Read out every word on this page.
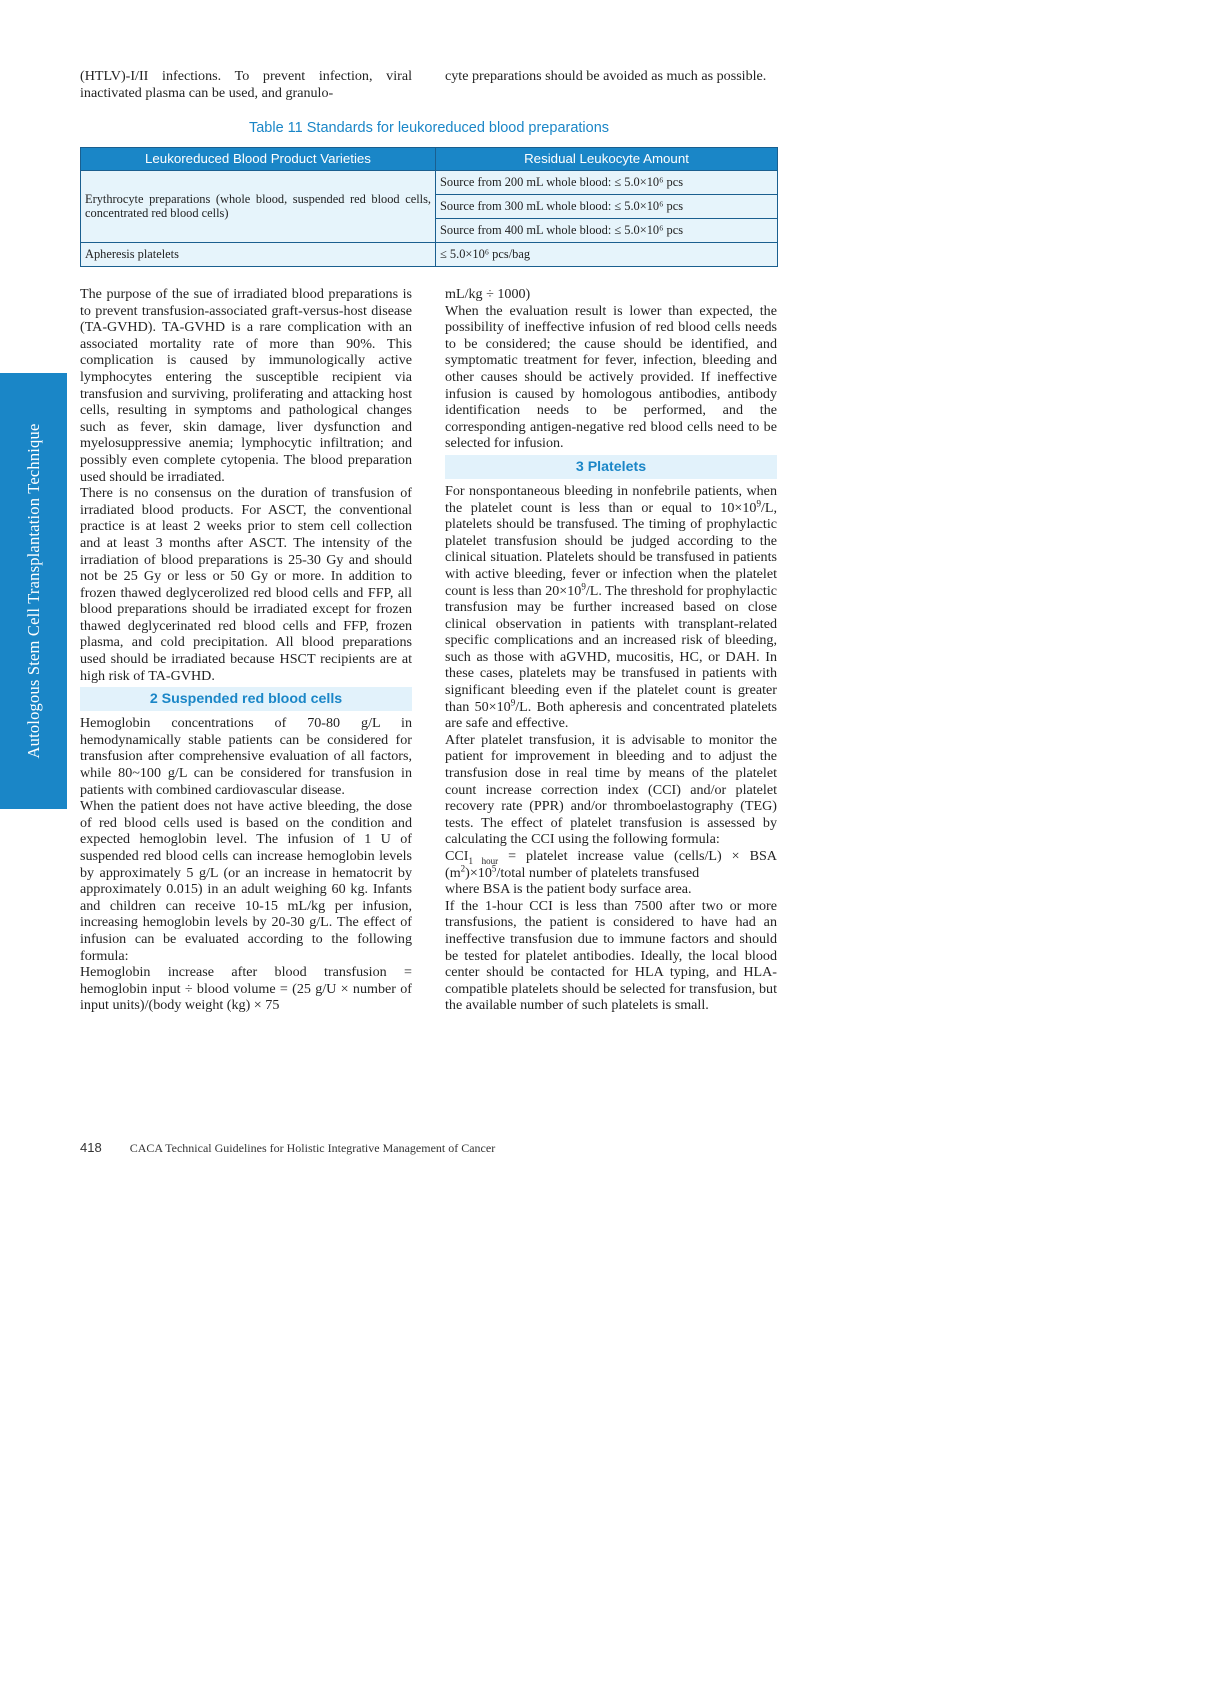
Autologous Stem Cell Transplantation Technique

(HTLV)-I/II infections. To prevent infection, viral inactivated plasma can be used, and granulo-

cyte preparations should be avoided as much as possible.

Table 11 Standards for leukoreduced blood preparations
Leukoreduced Blood Product Varieties	Residual Leukocyte Amount
Erythrocyte preparations (whole blood, suspended red blood cells, concentrated red blood cells)	Source from 200 mL whole blood: ≤ 5.0×10⁶ pcs
	Source from 300 mL whole blood: ≤ 5.0×10⁶ pcs
	Source from 400 mL whole blood: ≤ 5.0×10⁶ pcs
Apheresis platelets	≤ 5.0×10⁶ pcs/bag

The purpose of the sue of irradiated blood preparations is to prevent transfusion-associated graft-versus-host disease (TA-GVHD). TA-GVHD is a rare complication with an associated mortality rate of more than 90%. This complication is caused by immunologically active lymphocytes entering the susceptible recipient via transfusion and surviving, proliferating and attacking host cells, resulting in symptoms and pathological changes such as fever, skin damage, liver dysfunction and myelosuppressive anemia; lymphocytic infiltration; and possibly even complete cytopenia. The blood preparation used should be irradiated.

There is no consensus on the duration of transfusion of irradiated blood products. For ASCT, the conventional practice is at least 2 weeks prior to stem cell collection and at least 3 months after ASCT. The intensity of the irradiation of blood preparations is 25-30 Gy and should not be 25 Gy or less or 50 Gy or more. In addition to frozen thawed deglycerolized red blood cells and FFP, all blood preparations should be irradiated except for frozen thawed deglycerinated red blood cells and FFP, frozen plasma, and cold precipitation. All blood preparations used should be irradiated because HSCT recipients are at high risk of TA-GVHD.

2 Suspended red blood cells

Hemoglobin concentrations of 70-80 g/L in hemodynamically stable patients can be considered for transfusion after comprehensive evaluation of all factors, while 80~100 g/L can be considered for transfusion in patients with combined cardiovascular disease.

When the patient does not have active bleeding, the dose of red blood cells used is based on the condition and expected hemoglobin level. The infusion of 1 U of suspended red blood cells can increase hemoglobin levels by approximately 5 g/L (or an increase in hematocrit by approximately 0.015) in an adult weighing 60 kg. Infants and children can receive 10-15 mL/kg per infusion, increasing hemoglobin levels by 20-30 g/L. The effect of infusion can be evaluated according to the following formula:

Hemoglobin increase after blood transfusion = hemoglobin input ÷ blood volume = (25 g/U × number of input units)/(body weight (kg) × 75

mL/kg ÷ 1000)

When the evaluation result is lower than expected, the possibility of ineffective infusion of red blood cells needs to be considered; the cause should be identified, and symptomatic treatment for fever, infection, bleeding and other causes should be actively provided. If ineffective infusion is caused by homologous antibodies, antibody identification needs to be performed, and the corresponding antigen-negative red blood cells need to be selected for infusion.

3 Platelets

For nonspontaneous bleeding in nonfebrile patients, when the platelet count is less than or equal to $10\times 10^9/L$, platelets should be transfused. The timing of prophylactic platelet transfusion should be judged according to the clinical situation. Platelets should be transfused in patients with active bleeding, fever or infection when the platelet count is less than $20\times 10^9/L$. The threshold for prophylactic transfusion may be further increased based on close clinical observation in patients with transplant-related specific complications and an increased risk of bleeding, such as those with aGVHD, mucositis, HC, or DAH. In these cases, platelets may be transfused in patients with significant bleeding even if the platelet count is greater than $50\times 10^9/L$. Both apheresis and concentrated platelets are safe and effective.

After platelet transfusion, it is advisable to monitor the patient for improvement in bleeding and to adjust the transfusion dose in real time by means of the platelet count increase correction index (CCI) and/or platelet recovery rate (PPR) and/or thromboelastography (TEG) tests. The effect of platelet transfusion is assessed by calculating the CCI using the following formula:

$CCI_{1 hour}$ = platelet increase value (cells/L) × BSA $(m^2)\times 10^5$/total number of platelets transfused

where BSA is the patient body surface area.

If the 1-hour CCI is less than 7500 after two or more transfusions, the patient is considered to have had an ineffective transfusion due to immune factors and should be tested for platelet antibodies. Ideally, the local blood center should be contacted for HLA typing, and HLA-compatible platelets should be selected for transfusion, but the available number of such platelets is small.

418 CACA Technical Guidelines for Holistic Integrative Management of Cancer
